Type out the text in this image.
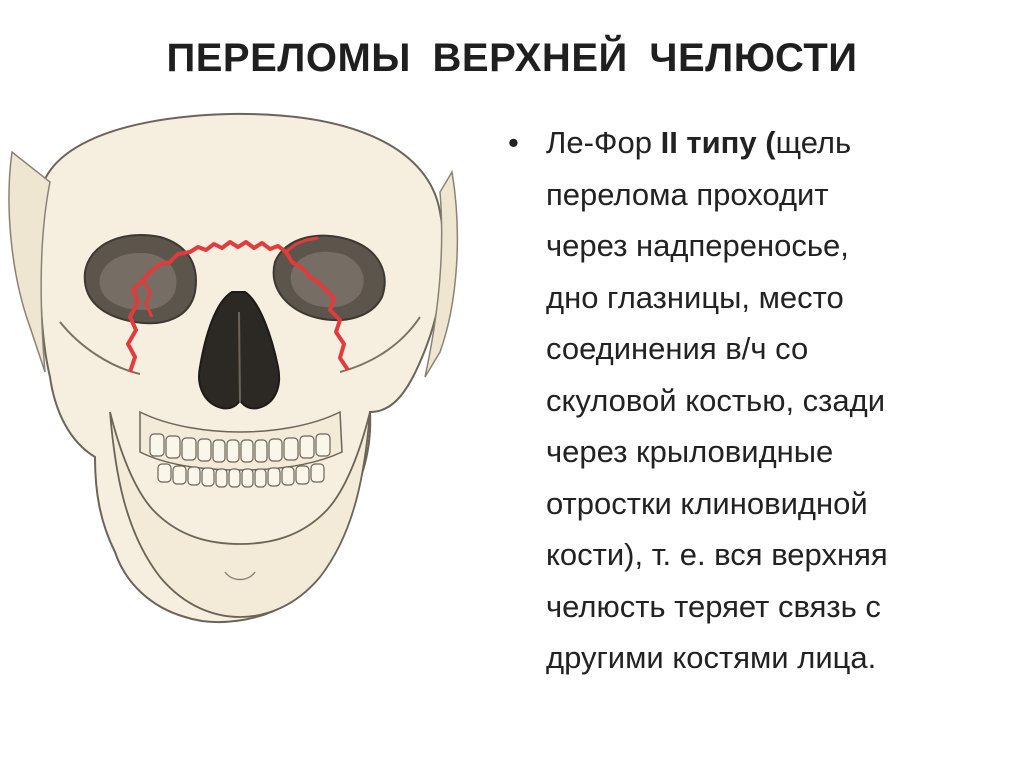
ПЕРЕЛОМЫ ВЕРХНЕЙ ЧЕЛЮСТИ

• Ле-Фор II типу (щель
перелома проходит
через надпереносье,
дно глазницы, место
соединения в/ч со
скуловой костью, сзади
через крыловидные
отростки клиновидной
кости), т. е. вся верхняя
челюсть теряет связь с
другими костями лица.
